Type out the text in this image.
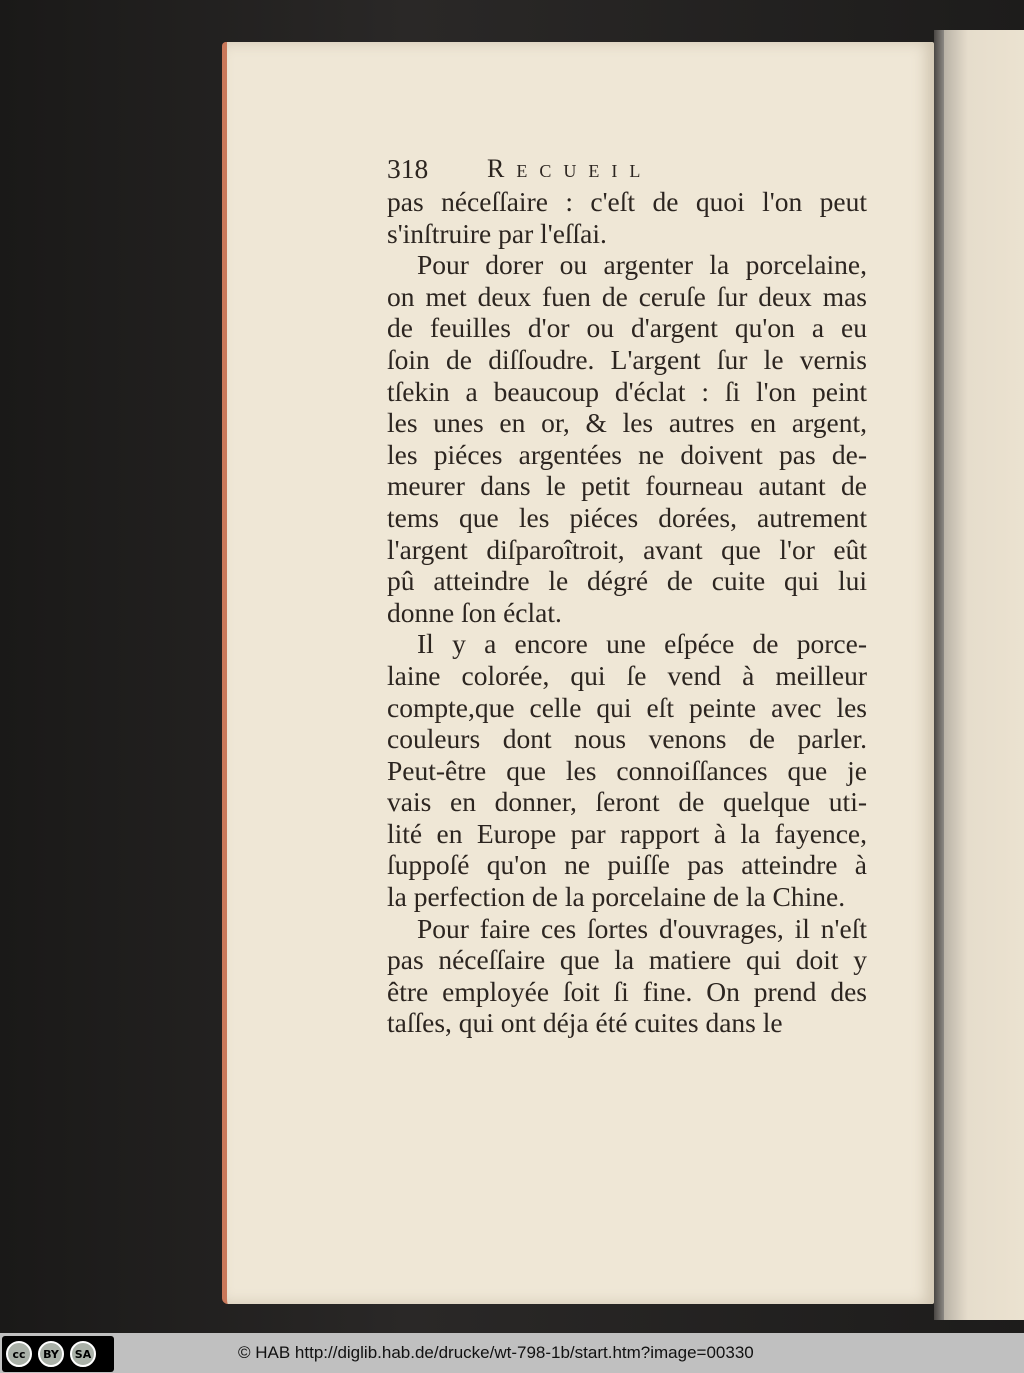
318	Recueil
pas néceſſaire : c'eſt de quoi l'on peut
s'inſtruire par l'eſſai.
Pour dorer ou argenter la porcelaine,
on met deux fuen de ceruſe ſur deux mas
de feuilles d'or ou d'argent qu'on a eu
ſoin de diſſoudre. L'argent ſur le vernis
tſekin a beaucoup d'éclat : ſi l'on peint
les unes en or, & les autres en argent,
les piéces argentées ne doivent pas de-
meurer dans le petit fourneau autant de
tems que les piéces dorées, autrement
l'argent diſparoîtroit, avant que l'or eût
pû atteindre le dégré de cuite qui lui
donne ſon éclat.
Il y a encore une eſpéce de porce-
laine colorée, qui ſe vend à meilleur
compte,que celle qui eſt peinte avec les
couleurs dont nous venons de parler.
Peut-être que les connoiſſances que je
vais en donner, ſeront de quelque uti-
lité en Europe par rapport à la fayence,
ſuppoſé qu'on ne puiſſe pas atteindre à
la perfection de la porcelaine de la Chine.
Pour faire ces ſortes d'ouvrages, il n'eſt
pas néceſſaire que la matiere qui doit y
être employée ſoit ſi fine. On prend des
taſſes, qui ont déja été cuites dans le
cc	BY	SA	© HAB http://diglib.hab.de/drucke/wt-798-1b/start.htm?image=00330
